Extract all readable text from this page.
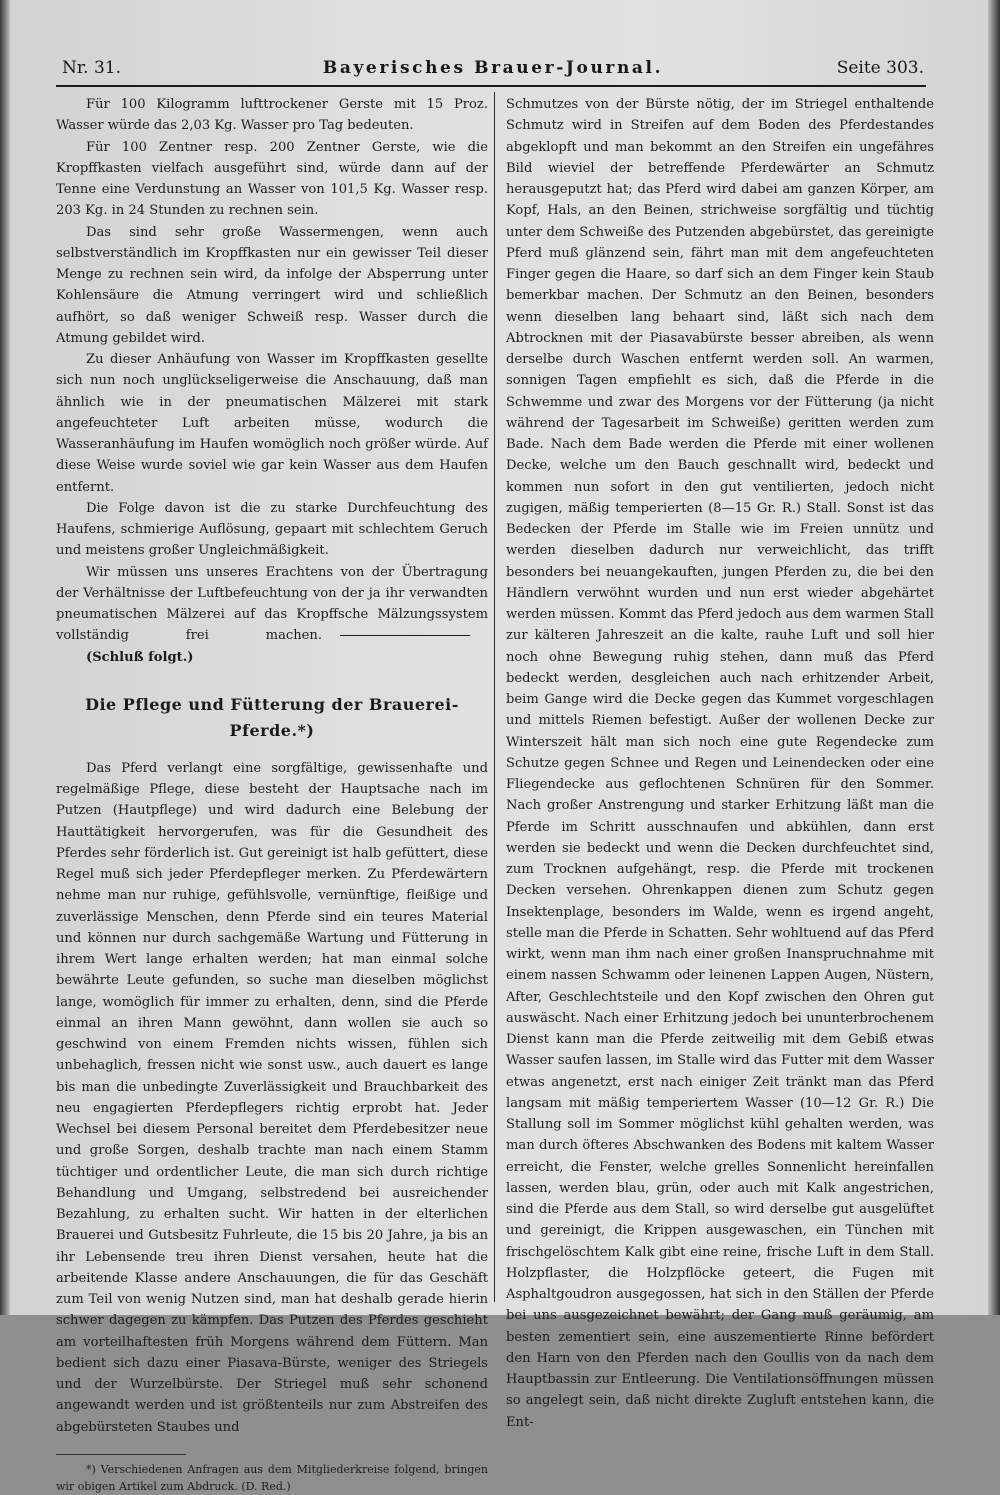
Nr. 31.	Bayerisches Brauer-Journal.	Seite 303.

Für 100 Kilogramm lufttrockener Gerste mit 15 Proz. Wasser würde das 2,03 Kg. Wasser pro Tag bedeuten.

Für 100 Zentner resp. 200 Zentner Gerste, wie die Kropffkasten vielfach ausgeführt sind, würde dann auf der Tenne eine Verdunstung an Wasser von 101,5 Kg. Wasser resp. 203 Kg. in 24 Stunden zu rechnen sein.

Das sind sehr große Wassermengen, wenn auch selbstverständlich im Kropffkasten nur ein gewisser Teil dieser Menge zu rechnen sein wird, da infolge der Absperrung unter Kohlensäure die Atmung verringert wird und schließlich aufhört, so daß weniger Schweiß resp. Wasser durch die Atmung gebildet wird.

Zu dieser Anhäufung von Wasser im Kropffkasten gesellte sich nun noch unglückseligerweise die Anschauung, daß man ähnlich wie in der pneumatischen Mälzerei mit stark angefeuchteter Luft arbeiten müsse, wodurch die Wasseranhäufung im Haufen womöglich noch größer würde. Auf diese Weise wurde soviel wie gar kein Wasser aus dem Haufen entfernt.

Die Folge davon ist die zu starke Durchfeuchtung des Haufens, schmierige Auflösung, gepaart mit schlechtem Geruch und meistens großer Ungleichmäßigkeit.

Wir müssen uns unseres Erachtens von der Übertragung der Verhältnisse der Luftbefeuchtung von der ja ihr verwandten pneumatischen Mälzerei auf das Kropffsche Mälzungssystem vollständig frei machen.(Schluß folgt.)

Die Pflege und Fütterung der Brauerei-Pferde.*)

Das Pferd verlangt eine sorgfältige, gewissenhafte und regelmäßige Pflege, diese besteht der Hauptsache nach im Putzen (Hautpflege) und wird dadurch eine Belebung der Hauttätigkeit hervorgerufen, was für die Gesundheit des Pferdes sehr förderlich ist. Gut gereinigt ist halb gefüttert, diese Regel muß sich jeder Pferdepfleger merken. Zu Pferdewärtern nehme man nur ruhige, gefühlsvolle, vernünftige, fleißige und zuverlässige Menschen, denn Pferde sind ein teures Material und können nur durch sachgemäße Wartung und Fütterung in ihrem Wert lange erhalten werden; hat man einmal solche bewährte Leute gefunden, so suche man dieselben möglichst lange, womöglich für immer zu erhalten, denn, sind die Pferde einmal an ihren Mann gewöhnt, dann wollen sie auch so geschwind von einem Fremden nichts wissen, fühlen sich unbehaglich, fressen nicht wie sonst usw., auch dauert es lange bis man die unbedingte Zuverlässigkeit und Brauchbarkeit des neu engagierten Pferdepflegers richtig erprobt hat. Jeder Wechsel bei diesem Personal bereitet dem Pferdebesitzer neue und große Sorgen, deshalb trachte man nach einem Stamm tüchtiger und ordentlicher Leute, die man sich durch richtige Behandlung und Umgang, selbstredend bei ausreichender Bezahlung, zu erhalten sucht. Wir hatten in der elterlichen Brauerei und Gutsbesitz Fuhrleute, die 15 bis 20 Jahre, ja bis an ihr Lebensende treu ihren Dienst versahen, heute hat die arbeitende Klasse andere Anschauungen, die für das Geschäft zum Teil von wenig Nutzen sind, man hat deshalb gerade hierin schwer dagegen zu kämpfen. Das Putzen des Pferdes geschieht am vorteilhaftesten früh Morgens während dem Füttern. Man bedient sich dazu einer Piasava-Bürste, weniger des Striegels und der Wurzelbürste. Der Striegel muß sehr schonend angewandt werden und ist größtenteils nur zum Abstreifen des abgebürsteten Staubes und

*) Verschiedenen Anfragen aus dem Mitgliederkreise folgend, bringen wir obigen Artikel zum Abdruck. (D. Red.)

Schmutzes von der Bürste nötig, der im Striegel enthaltende Schmutz wird in Streifen auf dem Boden des Pferdestandes abgeklopft und man bekommt an den Streifen ein ungefähres Bild wieviel der betreffende Pferdewärter an Schmutz herausgeputzt hat; das Pferd wird dabei am ganzen Körper, am Kopf, Hals, an den Beinen, strichweise sorgfältig und tüchtig unter dem Schweiße des Putzenden abgebürstet, das gereinigte Pferd muß glänzend sein, fährt man mit dem angefeuchteten Finger gegen die Haare, so darf sich an dem Finger kein Staub bemerkbar machen. Der Schmutz an den Beinen, besonders wenn dieselben lang behaart sind, läßt sich nach dem Abtrocknen mit der Piasavabürste besser abreiben, als wenn derselbe durch Waschen entfernt werden soll. An warmen, sonnigen Tagen empfiehlt es sich, daß die Pferde in die Schwemme und zwar des Morgens vor der Fütterung (ja nicht während der Tagesarbeit im Schweiße) geritten werden zum Bade. Nach dem Bade werden die Pferde mit einer wollenen Decke, welche um den Bauch geschnallt wird, bedeckt und kommen nun sofort in den gut ventilierten, jedoch nicht zugigen, mäßig temperierten (8—15 Gr. R.) Stall. Sonst ist das Bedecken der Pferde im Stalle wie im Freien unnütz und werden dieselben dadurch nur verweichlicht, das trifft besonders bei neuangekauften, jungen Pferden zu, die bei den Händlern verwöhnt wurden und nun erst wieder abgehärtet werden müssen. Kommt das Pferd jedoch aus dem warmen Stall zur kälteren Jahreszeit an die kalte, rauhe Luft und soll hier noch ohne Bewegung ruhig stehen, dann muß das Pferd bedeckt werden, desgleichen auch nach erhitzender Arbeit, beim Gange wird die Decke gegen das Kummet vorgeschlagen und mittels Riemen befestigt. Außer der wollenen Decke zur Winterszeit hält man sich noch eine gute Regendecke zum Schutze gegen Schnee und Regen und Leinendecken oder eine Fliegendecke aus geflochtenen Schnüren für den Sommer. Nach großer Anstrengung und starker Erhitzung läßt man die Pferde im Schritt ausschnaufen und abkühlen, dann erst werden sie bedeckt und wenn die Decken durchfeuchtet sind, zum Trocknen aufgehängt, resp. die Pferde mit trockenen Decken versehen. Ohrenkappen dienen zum Schutz gegen Insektenplage, besonders im Walde, wenn es irgend angeht, stelle man die Pferde in Schatten. Sehr wohltuend auf das Pferd wirkt, wenn man ihm nach einer großen Inanspruchnahme mit einem nassen Schwamm oder leinenen Lappen Augen, Nüstern, After, Geschlechtsteile und den Kopf zwischen den Ohren gut auswäscht. Nach einer Erhitzung jedoch bei ununterbrochenem Dienst kann man die Pferde zeitweilig mit dem Gebiß etwas Wasser saufen lassen, im Stalle wird das Futter mit dem Wasser etwas angenetzt, erst nach einiger Zeit tränkt man das Pferd langsam mit mäßig temperiertem Wasser (10—12 Gr. R.) Die Stallung soll im Sommer möglichst kühl gehalten werden, was man durch öfteres Abschwanken des Bodens mit kaltem Wasser erreicht, die Fenster, welche grelles Sonnenlicht hereinfallen lassen, werden blau, grün, oder auch mit Kalk angestrichen, sind die Pferde aus dem Stall, so wird derselbe gut ausgelüftet und gereinigt, die Krippen ausgewaschen, ein Tünchen mit frischgelöschtem Kalk gibt eine reine, frische Luft in dem Stall. Holzpflaster, die Holzpflöcke geteert, die Fugen mit Asphaltgoudron ausgegossen, hat sich in den Ställen der Pferde bei uns ausgezeichnet bewährt; der Gang muß geräumig, am besten zementiert sein, eine auszementierte Rinne befördert den Harn von den Pferden nach den Goullis von da nach dem Hauptbassin zur Entleerung. Die Ventilationsöffnungen müssen so angelegt sein, daß nicht direkte Zugluft entstehen kann, die Ent-
